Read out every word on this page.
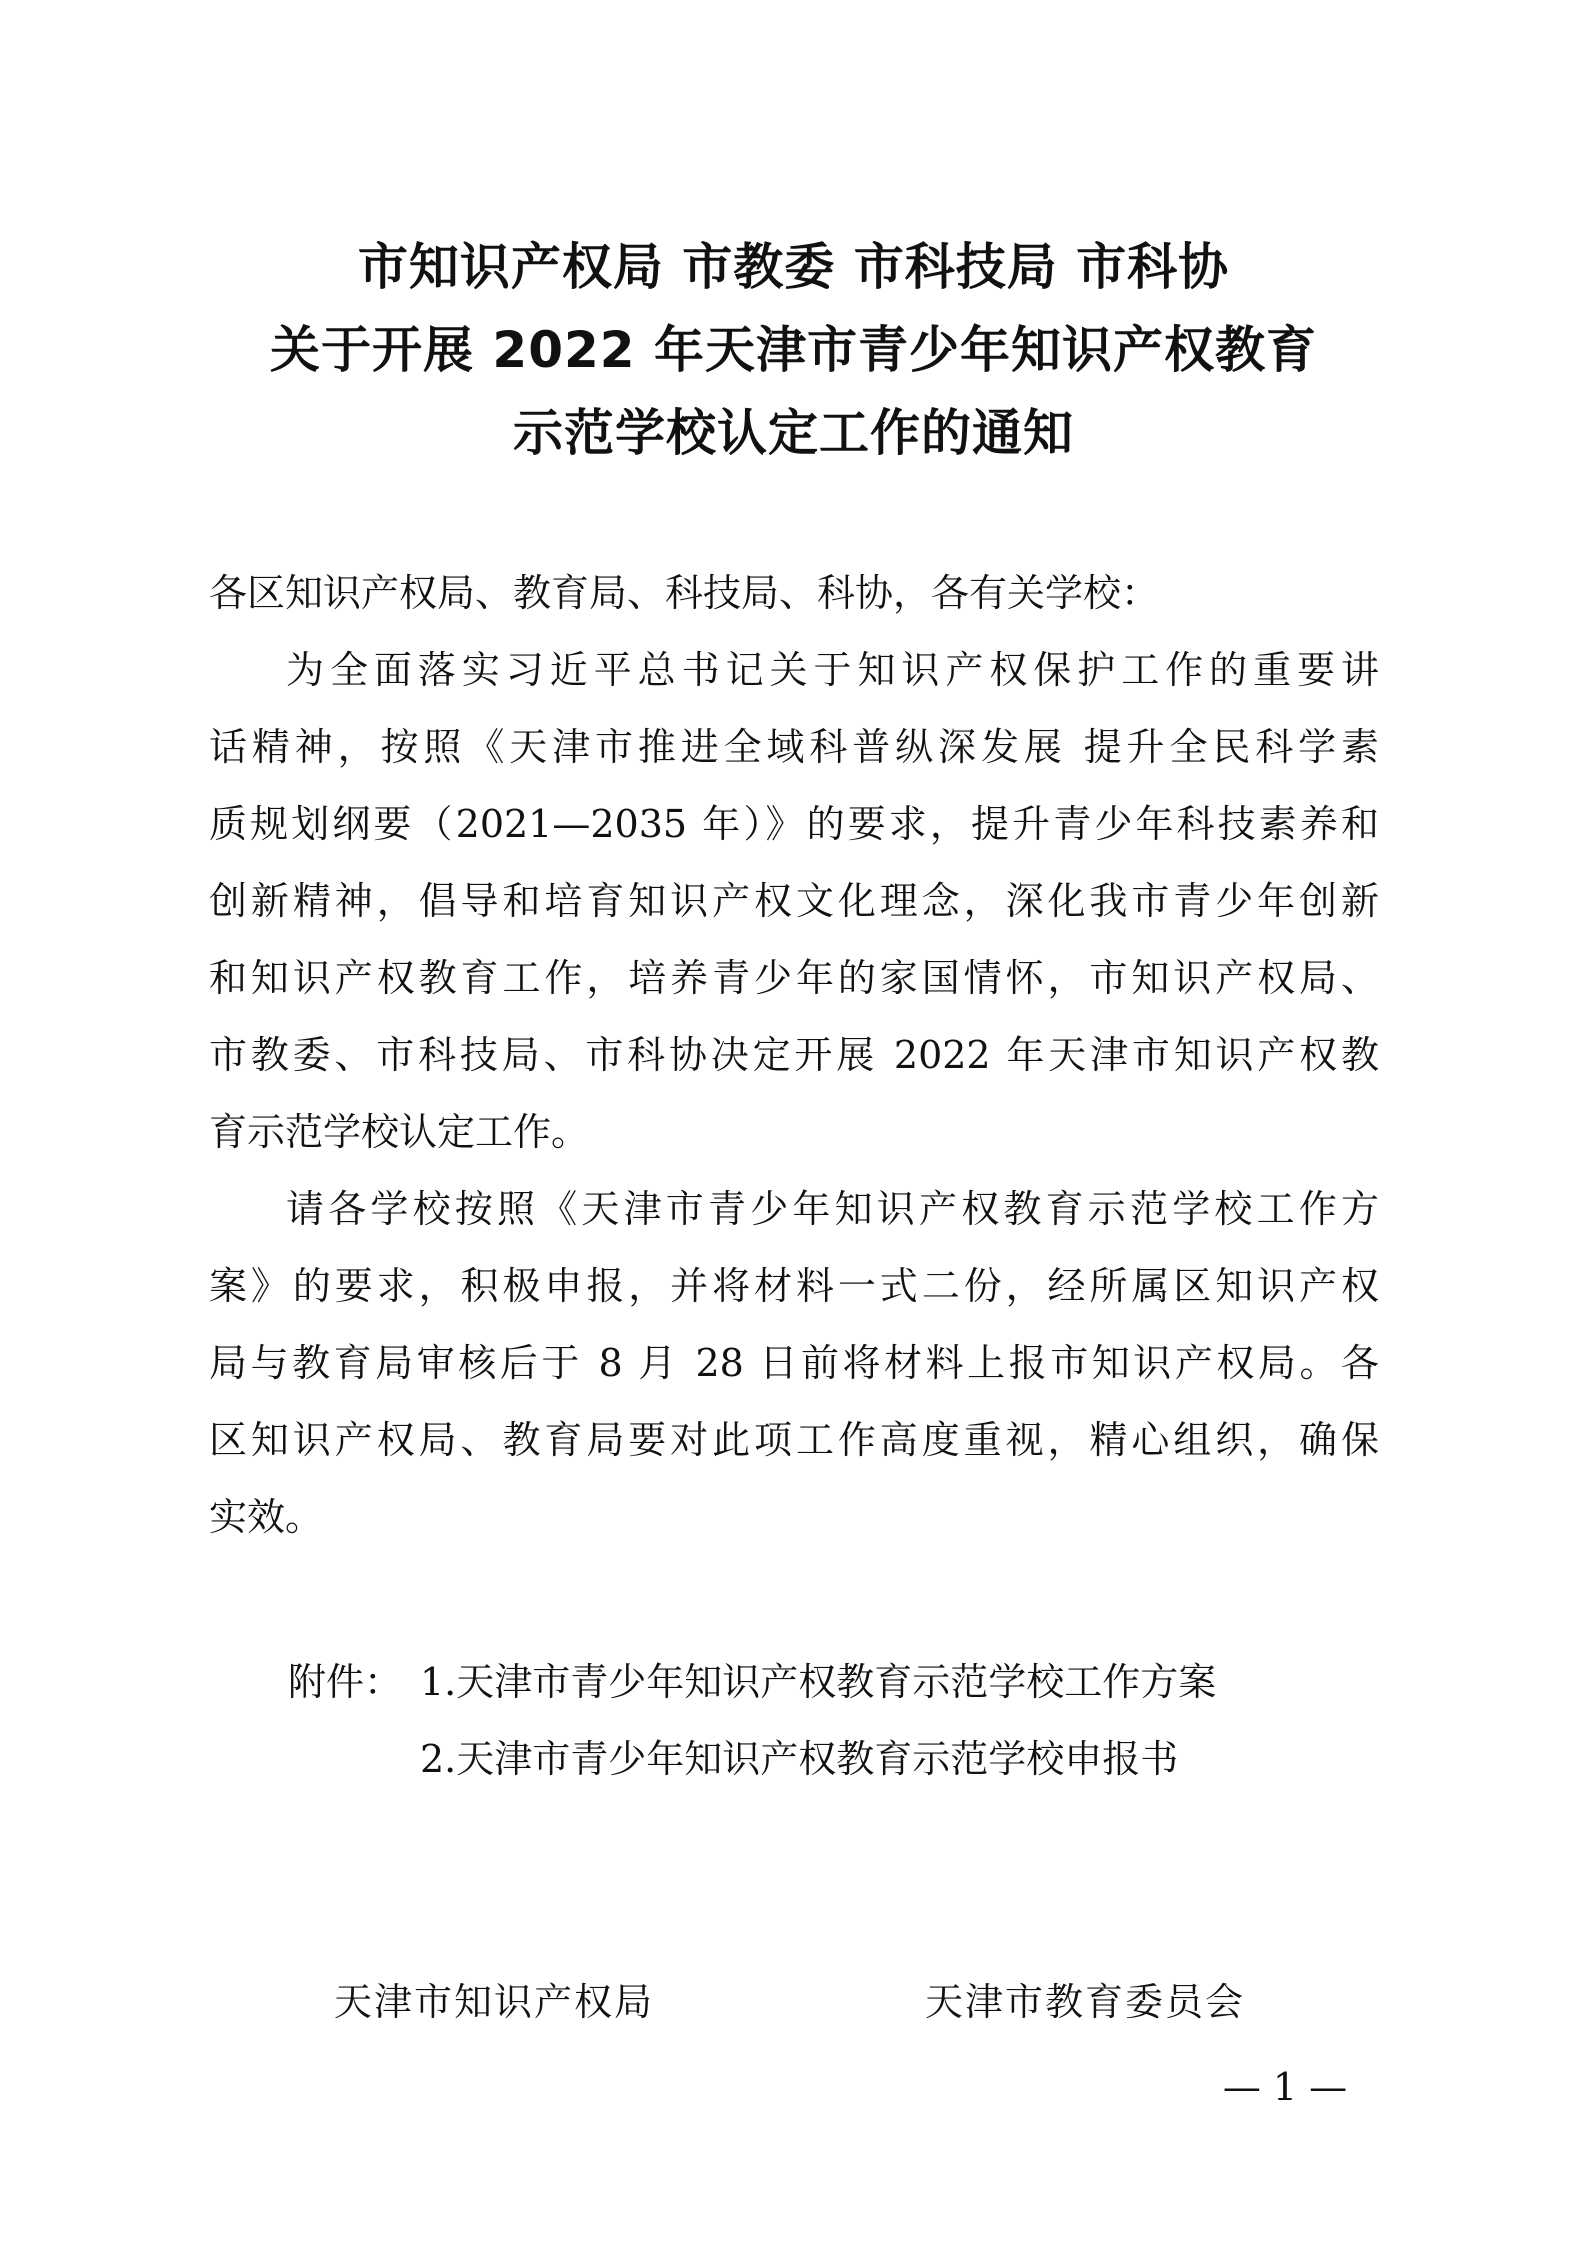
市知识产权局 市教委 市科技局 市科协
关于开展 2022 年天津市青少年知识产权教育
示范学校认定工作的通知
各区知识产权局、教育局、科技局、科协，各有关学校：
为全面落实习近平总书记关于知识产权保护工作的重要讲
话精神，按照《天津市推进全域科普纵深发展 提升全民科学素
质规划纲要（2021—2035 年）》的要求，提升青少年科技素养和
创新精神，倡导和培育知识产权文化理念，深化我市青少年创新
和知识产权教育工作，培养青少年的家国情怀，市知识产权局、
市教委、市科技局、市科协决定开展 2022 年天津市知识产权教
育示范学校认定工作。
请各学校按照《天津市青少年知识产权教育示范学校工作方
案》的要求，积极申报，并将材料一式二份，经所属区知识产权
局与教育局审核后于 8 月 28 日前将材料上报市知识产权局。各
区知识产权局、教育局要对此项工作高度重视，精心组织，确保
实效。
附件： 1.天津市青少年知识产权教育示范学校工作方案
2.天津市青少年知识产权教育示范学校申报书
天津市知识产权局	天津市教育委员会
— 1 —
